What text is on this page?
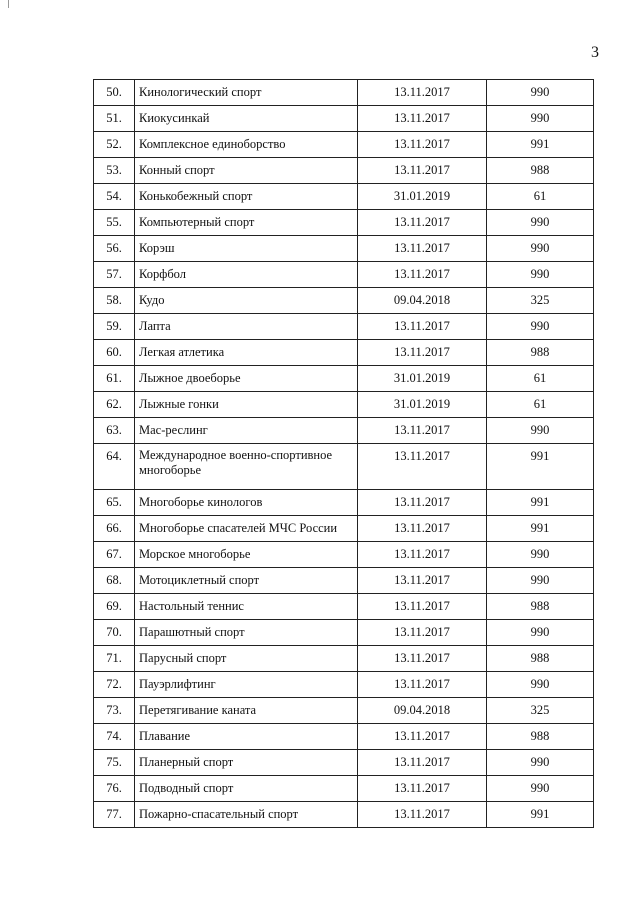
3
50.	Кинологический спорт	13.11.2017	990
51.	Киокусинкай	13.11.2017	990
52.	Комплексное единоборство	13.11.2017	991
53.	Конный спорт	13.11.2017	988
54.	Конькобежный спорт	31.01.2019	61
55.	Компьютерный спорт	13.11.2017	990
56.	Корэш	13.11.2017	990
57.	Корфбол	13.11.2017	990
58.	Кудо	09.04.2018	325
59.	Лапта	13.11.2017	990
60.	Легкая атлетика	13.11.2017	988
61.	Лыжное двоеборье	31.01.2019	61
62.	Лыжные гонки	31.01.2019	61
63.	Мас-реслинг	13.11.2017	990
64.	Международное военно-спортивное многоборье	13.11.2017	991
65.	Многоборье кинологов	13.11.2017	991
66.	Многоборье спасателей МЧС России	13.11.2017	991
67.	Морское многоборье	13.11.2017	990
68.	Мотоциклетный спорт	13.11.2017	990
69.	Настольный теннис	13.11.2017	988
70.	Парашютный спорт	13.11.2017	990
71.	Парусный спорт	13.11.2017	988
72.	Пауэрлифтинг	13.11.2017	990
73.	Перетягивание каната	09.04.2018	325
74.	Плавание	13.11.2017	988
75.	Планерный спорт	13.11.2017	990
76.	Подводный спорт	13.11.2017	990
77.	Пожарно-спасательный спорт	13.11.2017	991
